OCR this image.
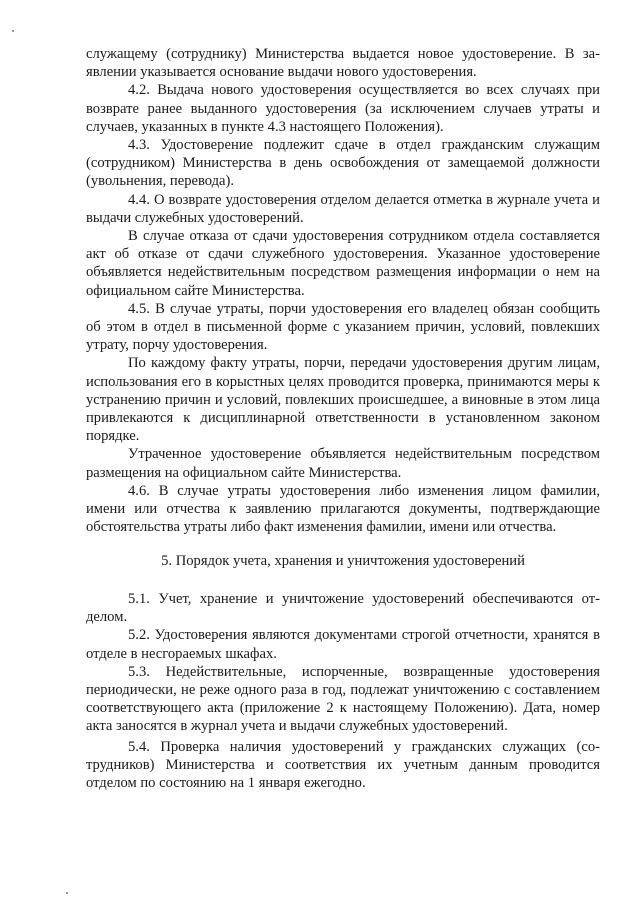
служащему (сотруднику) Министерства выдается новое удостоверение. В заявлении указывается основание выдачи нового удостоверения.

4.2. Выдача нового удостоверения осуществляется во всех случаях при возврате ранее выданного удостоверения (за исключением случаев утраты и случаев, указанных в пункте 4.3 настоящего Положения).

4.3. Удостоверение подлежит сдаче в отдел гражданским служащим (сотрудником) Министерства в день освобождения от замещаемой должности (увольнения, перевода).

4.4. О возврате удостоверения отделом делается отметка в журнале учета и выдачи служебных удостоверений.

В случае отказа от сдачи удостоверения сотрудником отдела составляется акт об отказе от сдачи служебного удостоверения. Указанное удостоверение объявляется недействительным посредством размещения информации о нем на официальном сайте Министерства.

4.5. В случае утраты, порчи удостоверения его владелец обязан сообщить об этом в отдел в письменной форме с указанием причин, условий, повлекших утрату, порчу удостоверения.

По каждому факту утраты, порчи, передачи удостоверения другим лицам, использования его в корыстных целях проводится проверка, принимаются меры к устранению причин и условий, повлекших происшедшее, а виновные в этом лица привлекаются к дисциплинарной ответственности в установленном законом порядке.

Утраченное удостоверение объявляется недействительным посредством размещения на официальном сайте Министерства.

4.6. В случае утраты удостоверения либо изменения лицом фамилии, имени или отчества к заявлению прилагаются документы, подтверждающие обстоятельства утраты либо факт изменения фамилии, имени или отчества.

5. Порядок учета, хранения и уничтожения удостоверений

5.1. Учет, хранение и уничтожение удостоверений обеспечиваются отделом.

5.2. Удостоверения являются документами строгой отчетности, хранятся в отделе в несгораемых шкафах.

5.3. Недействительные, испорченные, возвращенные удостоверения периодически, не реже одного раза в год, подлежат уничтожению с составлением соответствующего акта (приложение 2 к настоящему Положению). Дата, номер акта заносятся в журнал учета и выдачи служебных удостоверений.

5.4. Проверка наличия удостоверений у гражданских служащих (сотрудников) Министерства и соответствия их учетным данным проводится отделом по состоянию на 1 января ежегодно.
